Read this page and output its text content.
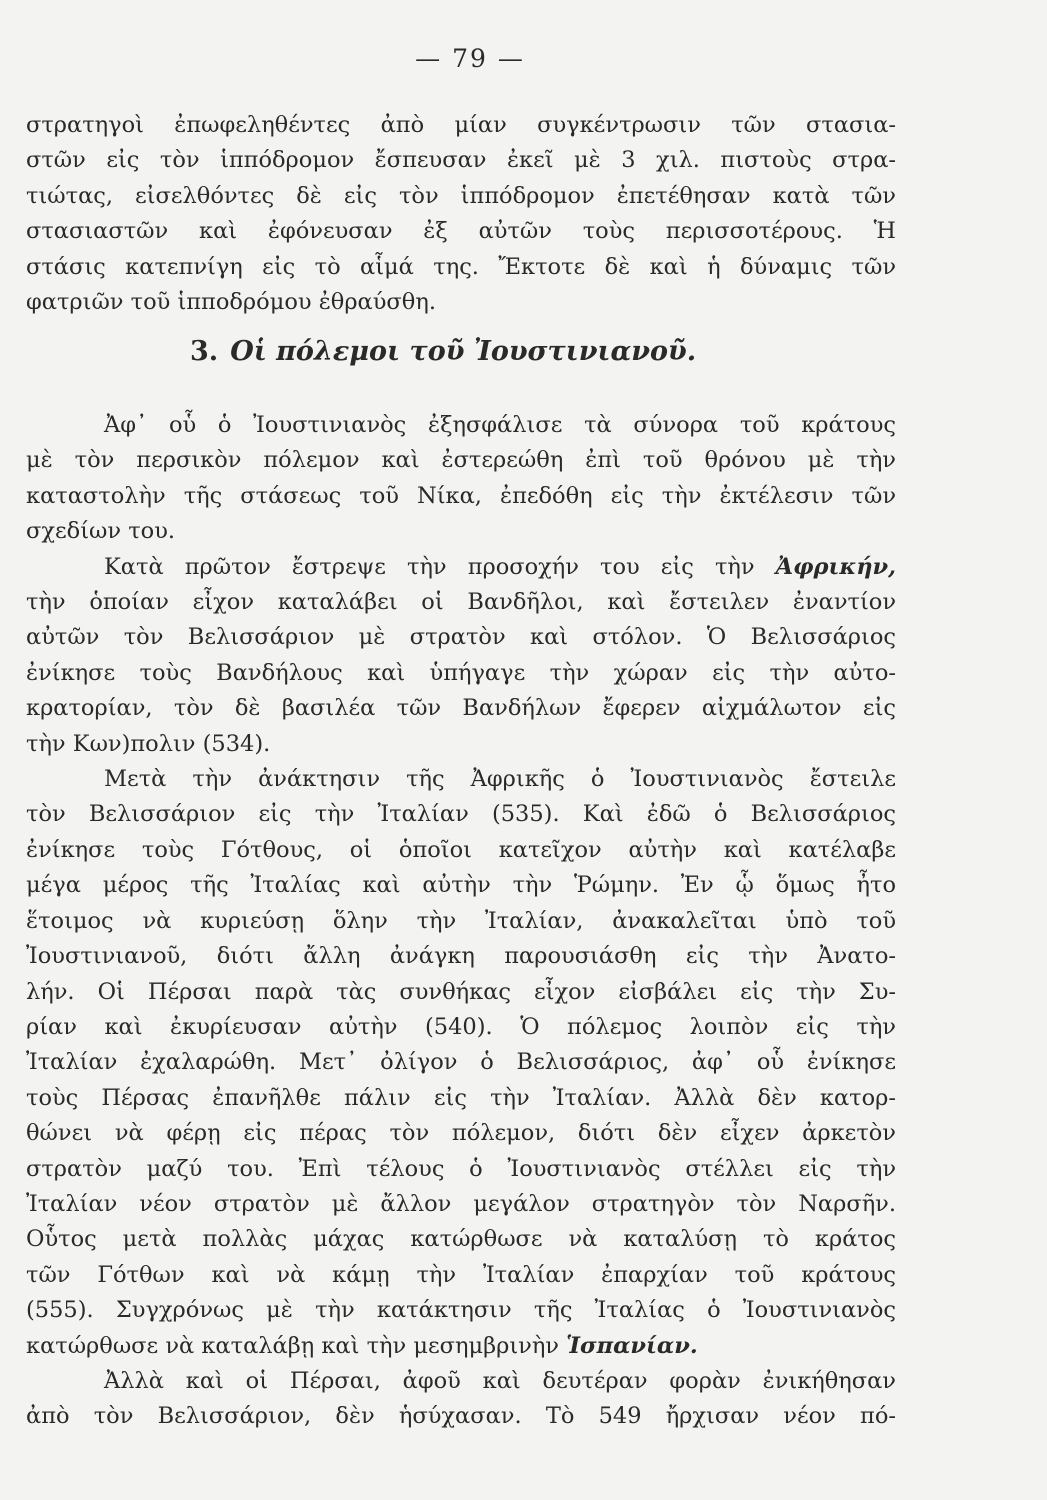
— 79 —
στρατηγοὶ ἐπωφεληθέντες ἀπὸ μίαν συγκέντρωσιν τῶν στασια-
στῶν εἰς τὸν ἱππόδρομον ἔσπευσαν ἐκεῖ μὲ 3 χιλ. πιστοὺς στρα-
τιώτας, εἰσελθόντες δὲ εἰς τὸν ἱππόδρομον ἐπετέθησαν κατὰ τῶν
στασιαστῶν καὶ ἐφόνευσαν ἐξ αὐτῶν τοὺς περισσοτέρους. Ἡ
στάσις κατεπνίγη εἰς τὸ αἷμά της. Ἔκτοτε δὲ καὶ ἡ δύναμις τῶν
φατριῶν τοῦ ἱπποδρόμου ἐθραύσθη.
3. Οἱ πόλεμοι τοῦ Ἰουστινιανοῦ.
Ἀφ᾽ οὗ ὁ Ἰουστινιανὸς ἐξησφάλισε τὰ σύνορα τοῦ κράτους
μὲ τὸν περσικὸν πόλεμον καὶ ἐστερεώθη ἐπὶ τοῦ θρόνου μὲ τὴν
καταστολὴν τῆς στάσεως τοῦ Νίκα, ἐπεδόθη εἰς τὴν ἐκτέλεσιν τῶν
σχεδίων του.
Κατὰ πρῶτον ἔστρεψε τὴν προσοχήν του εἰς τὴν Ἀφρικήν,
τὴν ὁποίαν εἶχον καταλάβει οἱ Βανδῆλοι, καὶ ἔστειλεν ἐναντίον
αὐτῶν τὸν Βελισσάριον μὲ στρατὸν καὶ στόλον. Ὁ Βελισσάριος
ἐνίκησε τοὺς Βανδήλους καὶ ὑπήγαγε τὴν χώραν εἰς τὴν αὐτο-
κρατορίαν, τὸν δὲ βασιλέα τῶν Βανδήλων ἔφερεν αἰχμάλωτον εἰς
τὴν Κων)πολιν (534).
Μετὰ τὴν ἀνάκτησιν τῆς Ἀφρικῆς ὁ Ἰουστινιανὸς ἔστειλε
τὸν Βελισσάριον εἰς τὴν Ἰταλίαν (535). Καὶ ἐδῶ ὁ Βελισσάριος
ἐνίκησε τοὺς Γότθους, οἱ ὁποῖοι κατεῖχον αὐτὴν καὶ κατέλαβε
μέγα μέρος τῆς Ἰταλίας καὶ αὐτὴν τὴν Ῥώμην. Ἐν ᾧ ὅμως ἦτο
ἕτοιμος νὰ κυριεύσῃ ὅλην τὴν Ἰταλίαν, ἀνακαλεῖται ὑπὸ τοῦ
Ἰουστινιανοῦ, διότι ἄλλη ἀνάγκη παρουσιάσθη εἰς τὴν Ἀνατο-
λήν. Οἱ Πέρσαι παρὰ τὰς συνθήκας εἶχον εἰσβάλει εἰς τὴν Συ-
ρίαν καὶ ἐκυρίευσαν αὐτὴν (540). Ὁ πόλεμος λοιπὸν εἰς τὴν
Ἰταλίαν ἐχαλαρώθη. Μετ᾽ ὀλίγον ὁ Βελισσάριος, ἀφ᾽ οὗ ἐνίκησε
τοὺς Πέρσας ἐπανῆλθε πάλιν εἰς τὴν Ἰταλίαν. Ἀλλὰ δὲν κατορ-
θώνει νὰ φέρῃ εἰς πέρας τὸν πόλεμον, διότι δὲν εἶχεν ἀρκετὸν
στρατὸν μαζύ του. Ἐπὶ τέλους ὁ Ἰουστινιανὸς στέλλει εἰς τὴν
Ἰταλίαν νέον στρατὸν μὲ ἄλλον μεγάλον στρατηγὸν τὸν Ναρσῆν.
Οὗτος μετὰ πολλὰς μάχας κατώρθωσε νὰ καταλύσῃ τὸ κράτος
τῶν Γότθων καὶ νὰ κάμῃ τὴν Ἰταλίαν ἐπαρχίαν τοῦ κράτους
(555). Συγχρόνως μὲ τὴν κατάκτησιν τῆς Ἰταλίας ὁ Ἰουστινιανὸς
κατώρθωσε νὰ καταλάβῃ καὶ τὴν μεσημβρινὴν Ἱσπανίαν.
Ἀλλὰ καὶ οἱ Πέρσαι, ἀφοῦ καὶ δευτέραν φορὰν ἐνικήθησαν
ἀπὸ τὸν Βελισσάριον, δὲν ἡσύχασαν. Τὸ 549 ἤρχισαν νέον πό-
